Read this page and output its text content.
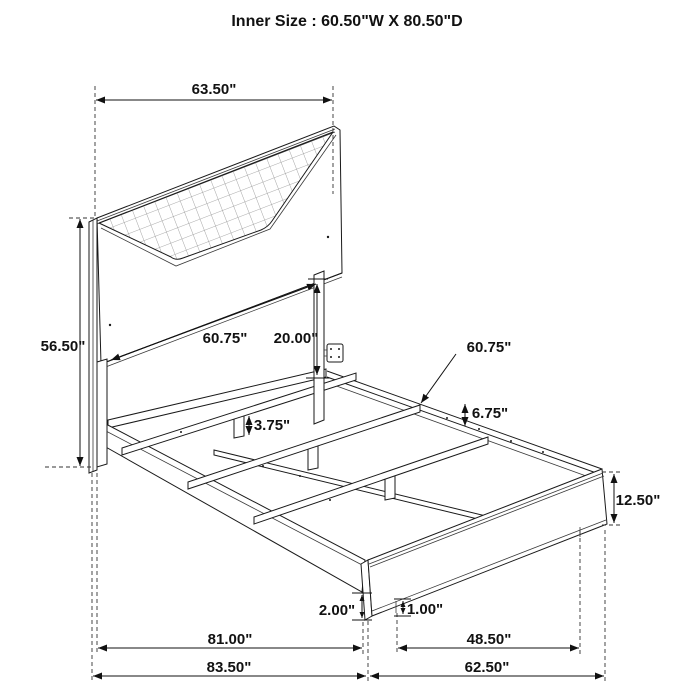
63.50"
56.50"	60.75" 20.00"
60.75"
6.75"
3.75"
12.50"
2.00"	1.00"
81.00"	48.50"
83.50"	62.50"
Inner Size : 60.50"W X 80.50"D
